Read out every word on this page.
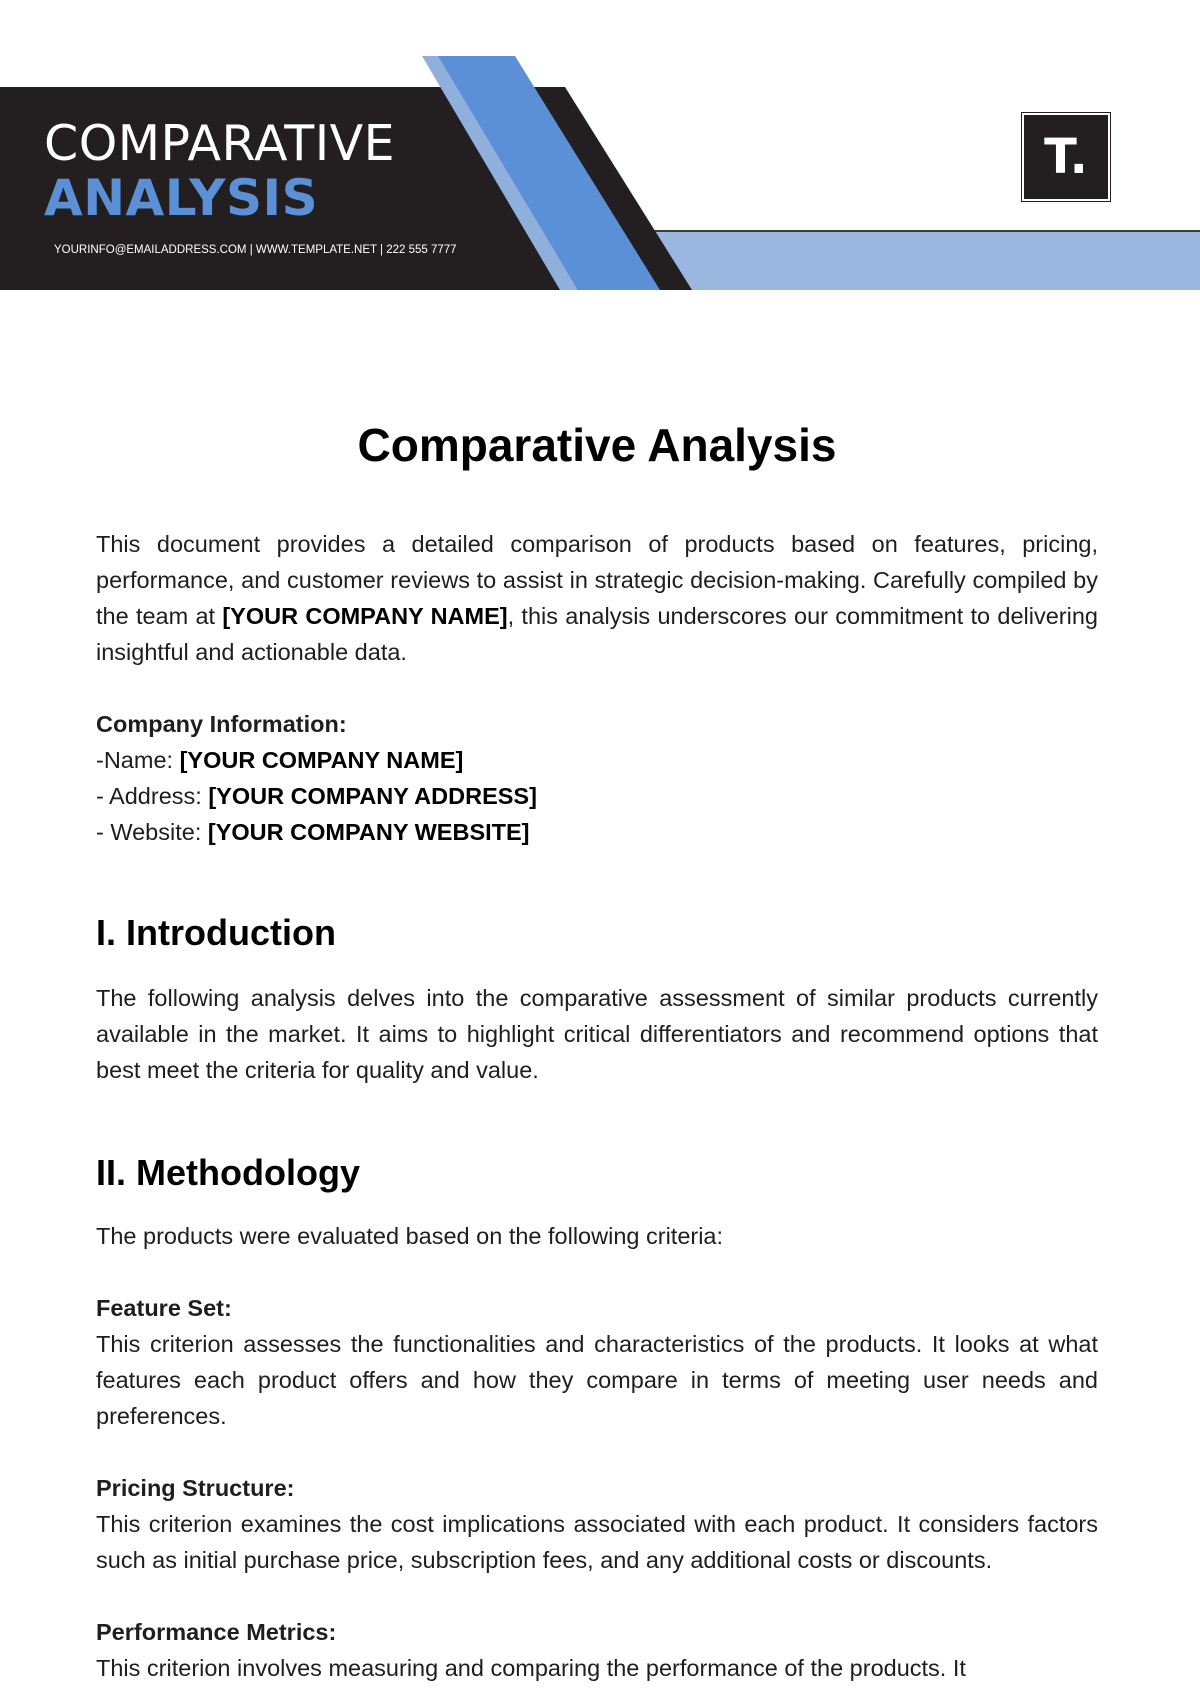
COMPARATIVE
ANALYSIS
YOURINFO@EMAILADDRESS.COM | WWW.TEMPLATE.NET | 222 555 7777
T.
Comparative Analysis

This document provides a detailed comparison of products based on features, pricing, performance, and customer reviews to assist in strategic decision-making. Carefully compiled by the team at [YOUR COMPANY NAME], this analysis underscores our commitment to delivering insightful and actionable data.

Company Information:
-Name: [YOUR COMPANY NAME]
- Address: [YOUR COMPANY ADDRESS]
- Website: [YOUR COMPANY WEBSITE]
I. Introduction

The following analysis delves into the comparative assessment of similar products currently available in the market. It aims to highlight critical differentiators and recommend options that best meet the criteria for quality and value.

II. Methodology

The products were evaluated based on the following criteria:

Feature Set:

This criterion assesses the functionalities and characteristics of the products. It looks at what features each product offers and how they compare in terms of meeting user needs and preferences.

Pricing Structure:

This criterion examines the cost implications associated with each product. It considers factors such as initial purchase price, subscription fees, and any additional costs or discounts.

Performance Metrics:

This criterion involves measuring and comparing the performance of the products. It
